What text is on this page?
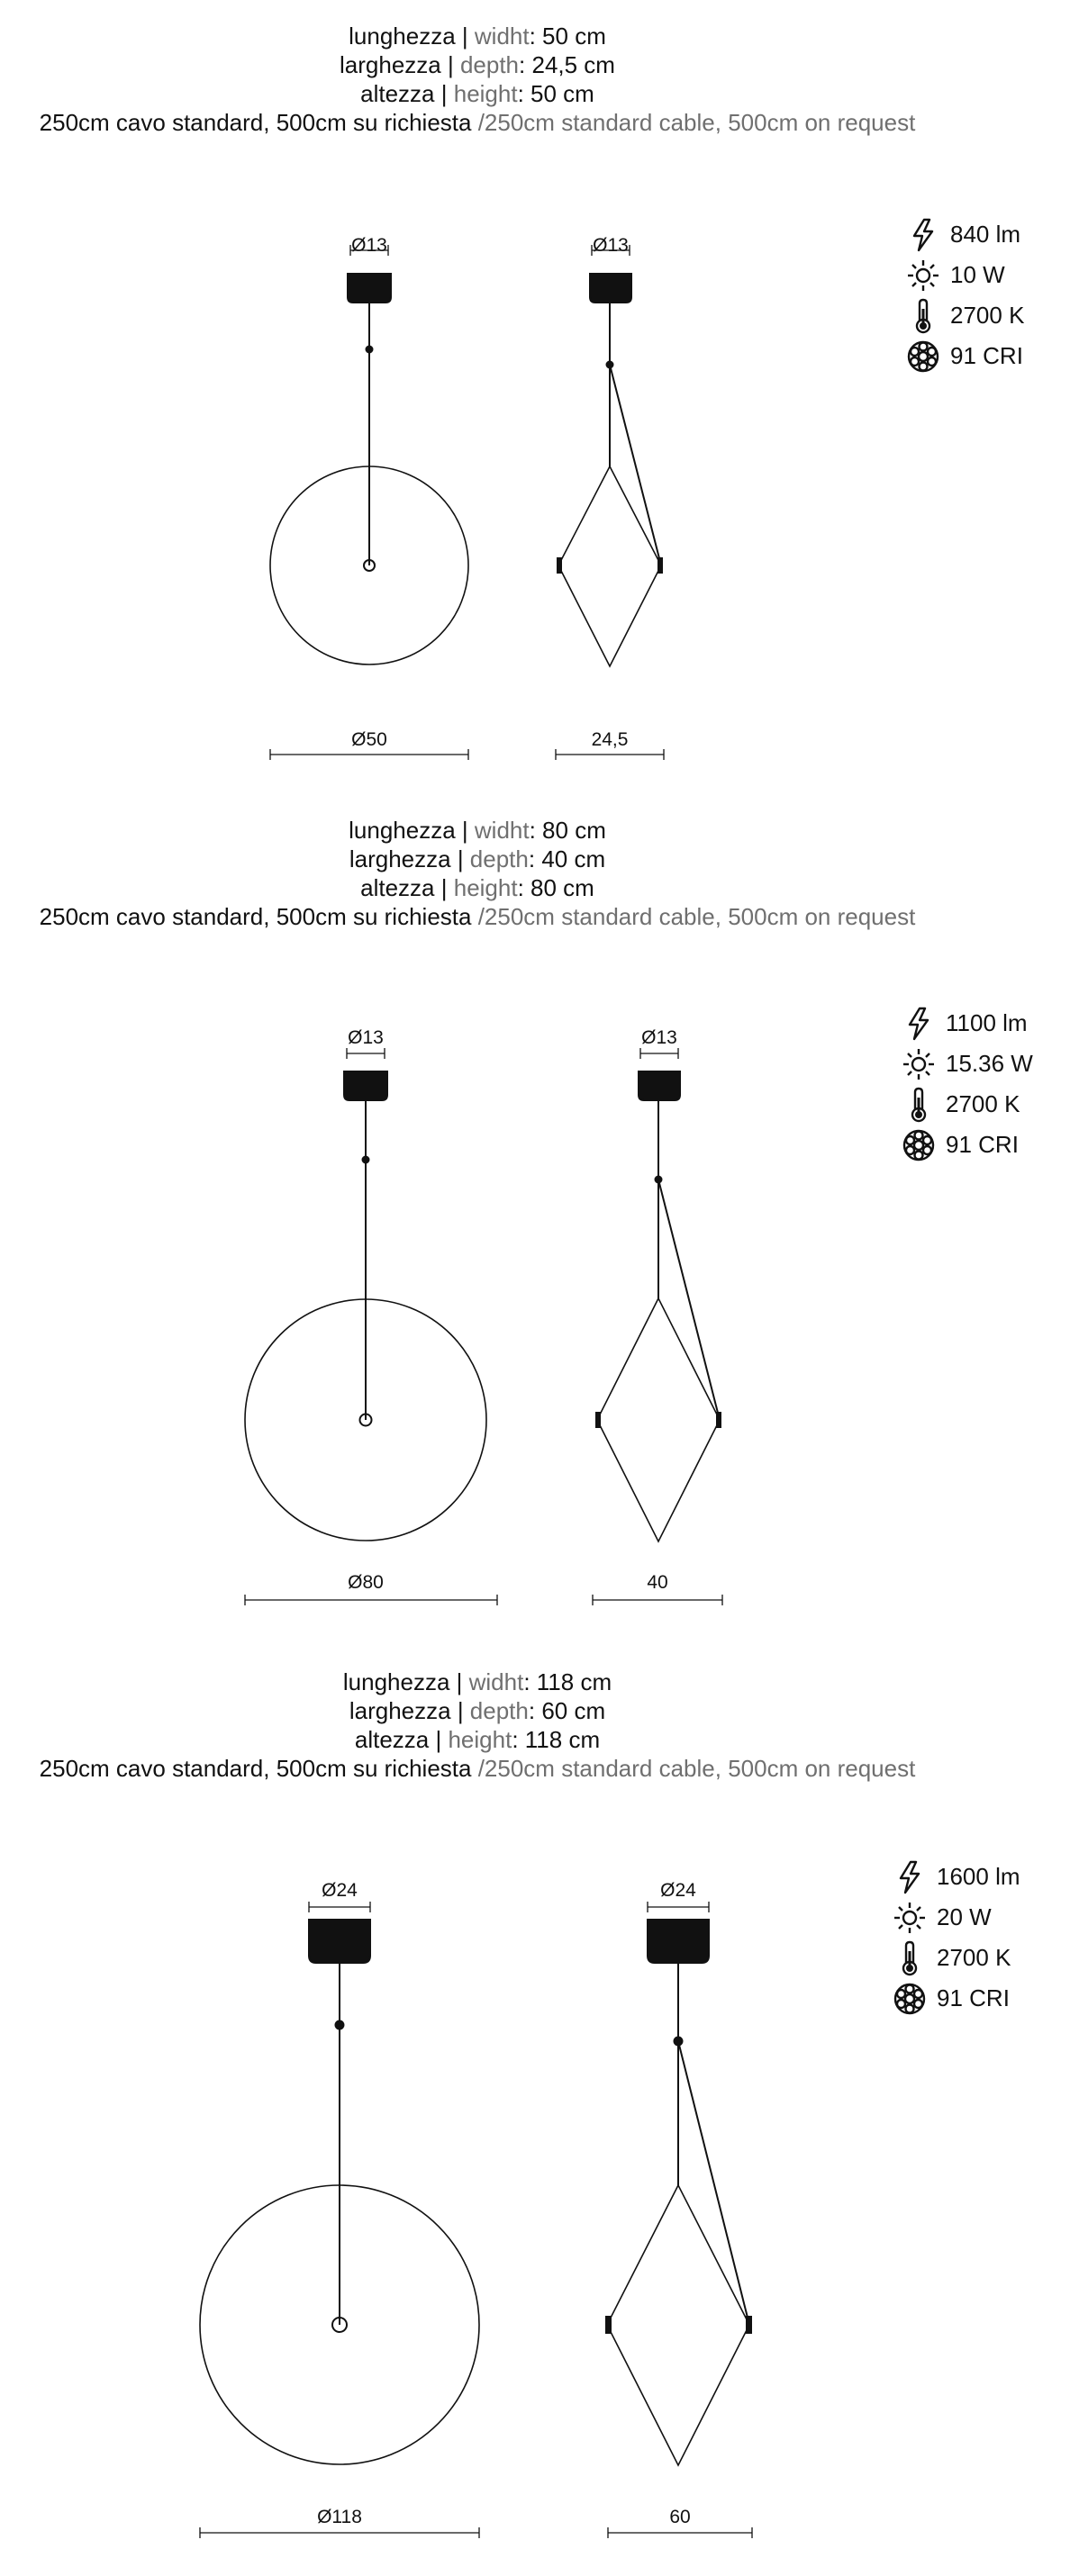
lunghezza | widht: 50 cm
larghezza | depth: 24,5 cm
altezza | height: 50 cm
250cm cavo standard, 500cm su richiesta /250cm standard cable, 500cm on request
Ø13	Ø13
Ø50	24,5
840 lm
10 W
2700 K
91 CRI
lunghezza | widht: 80 cm
larghezza | depth: 40 cm
altezza | height: 80 cm
250cm cavo standard, 500cm su richiesta /250cm standard cable, 500cm on request
Ø13	Ø13
Ø80	40
1100 lm
15.36 W
2700 K
91 CRI
lunghezza | widht: 118 cm
larghezza | depth: 60 cm
altezza | height: 118 cm
250cm cavo standard, 500cm su richiesta /250cm standard cable, 500cm on request
Ø24	Ø24
Ø118	60
1600 lm
20 W
2700 K
91 CRI
